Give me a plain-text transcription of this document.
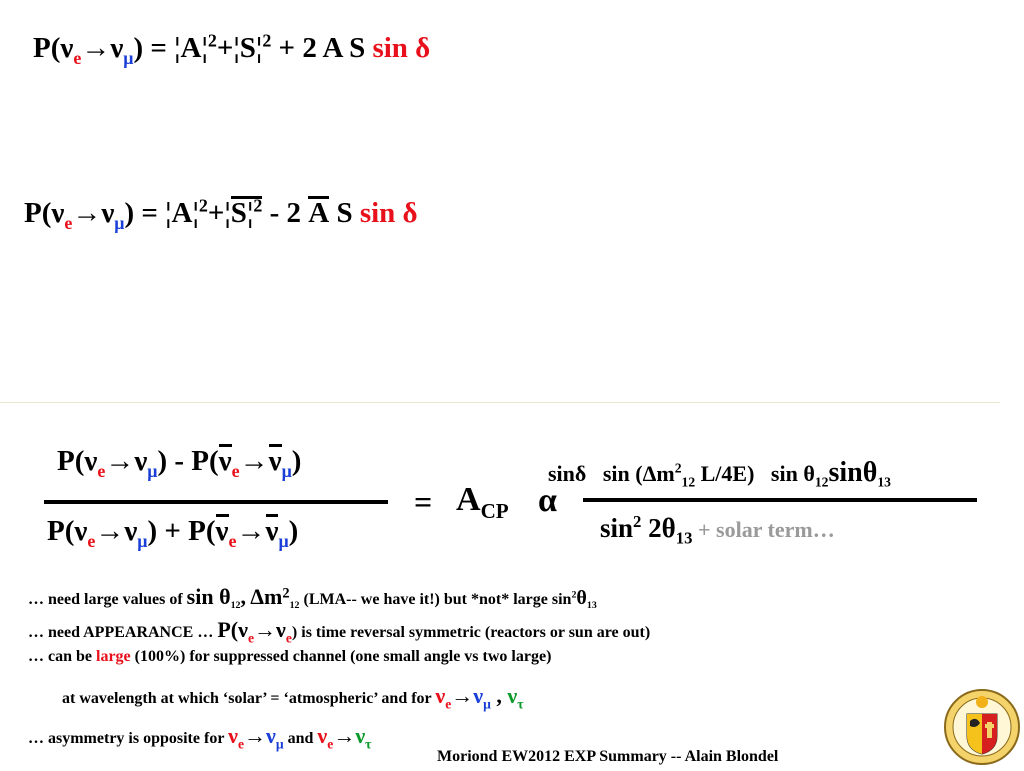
$P(\nu_e\to\nu_\mu)$ = ¦A¦$^2$+¦S¦$^2$ + 2 A S sin δ
$P(\nu_e\to\nu_\mu)$ = ¦A¦$^2$+¦S¦$^2$ - 2 A S sin δ
$P(\nu_e\to\nu_\mu) - P(\nu_e\to\nu_\mu)$
$P(\nu_e\to\nu_\mu) + P(\nu_e\to\nu_\mu)$
= $A_{CP}$ α
sinδ $\sin (\Delta m^2_{12}$ L/4E) $\sin \theta_{12}\sin\theta_{13}$
$\sin^2 2\theta_{13}$ + solar term…
… need large values of $\sin \theta_{12}$, $\Delta m^2_{12}$ (LMA-- we have it!) but *not* large $\sin^2\theta_{13}$
… need APPEARANCE … $P(\nu_e\to\nu_e)$ is time reversal symmetric (reactors or sun are out)
… can be large (100%) for suppressed channel (one small angle vs two large)
at wavelength at which ‘solar’ = ‘atmospheric’ and for $\nu_e\to\nu_\mu$ , $\nu_\tau$
… asymmetry is opposite for $\nu_e\to\nu_\mu$ and $\nu_e\to\nu_\tau$
Moriond EW2012 EXP Summary -- Alain Blondel
